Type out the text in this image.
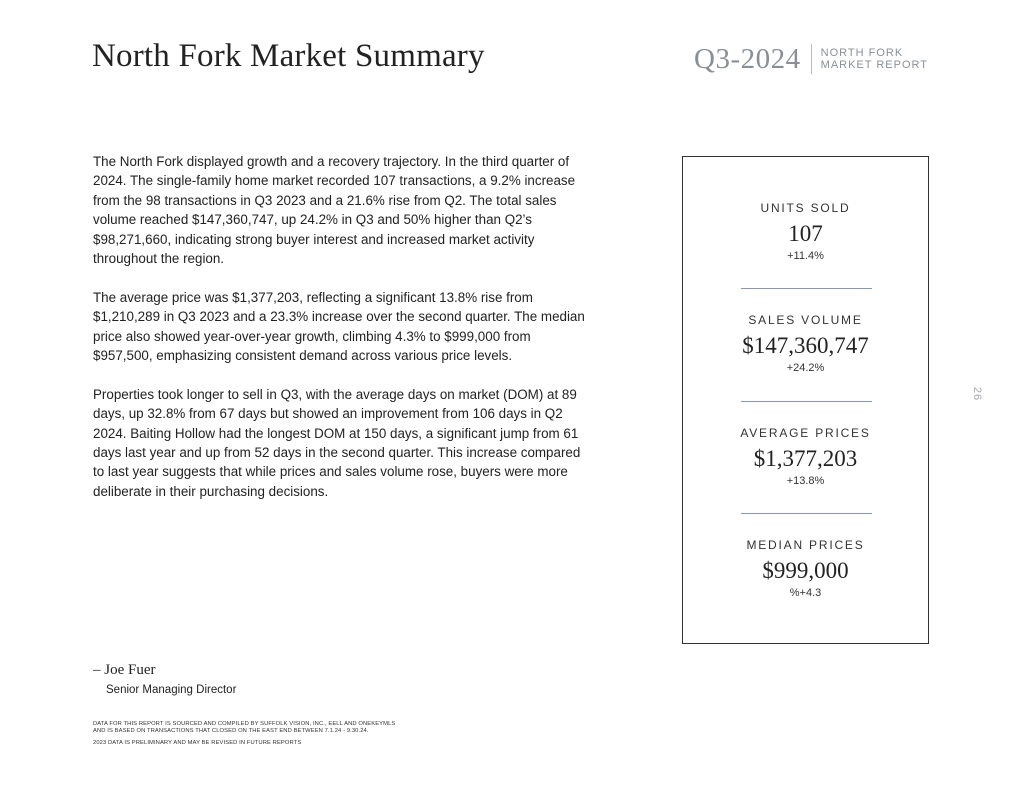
North Fork Market Summary	Q3-2024 NORTH FORK
MARKET REPORT

The North Fork displayed growth and a recovery trajectory. In the third quarter of 2024. The single-family home market recorded 107 transactions, a 9.2% increase from the 98 transactions in Q3 2023 and a 21.6% rise from Q2. The total sales volume reached $147,360,747, up 24.2% in Q3 and 50% higher than Q2’s $98,271,660, indicating strong buyer interest and increased market activity throughout the region.

The average price was $1,377,203, reflecting a significant 13.8% rise from $1,210,289 in Q3 2023 and a 23.3% increase over the second quarter. The median price also showed year-over-year growth, climbing 4.3% to $999,000 from $957,500, emphasizing consistent demand across various price levels.

Properties took longer to sell in Q3, with the average days on market (DOM) at 89 days, up 32.8% from 67 days but showed an improvement from 106 days in Q2 2024. Baiting Hollow had the longest DOM at 150 days, a significant jump from 61 days last year and up from 52 days in the second quarter. This increase compared to last year suggests that while prices and sales volume rose, buyers were more deliberate in their purchasing decisions.

UNITS SOLD
107
+11.4%
SALES VOLUME
$147,360,747
+24.2%
AVERAGE PRICES
$1,377,203
+13.8%
MEDIAN PRICES
$999,000
%+4.3
26
– Joe Fuer
Senior Managing Director
DATA FOR THIS REPORT IS SOURCED AND COMPILED BY SUFFOLK VISION, INC., EELL AND ONEKEYMLS
AND IS BASED ON TRANSACTIONS THAT CLOSED ON THE EAST END BETWEEN 7.1.24 - 9.30.24.
2023 DATA IS PRELIMINARY AND MAY BE REVISED IN FUTURE REPORTS
